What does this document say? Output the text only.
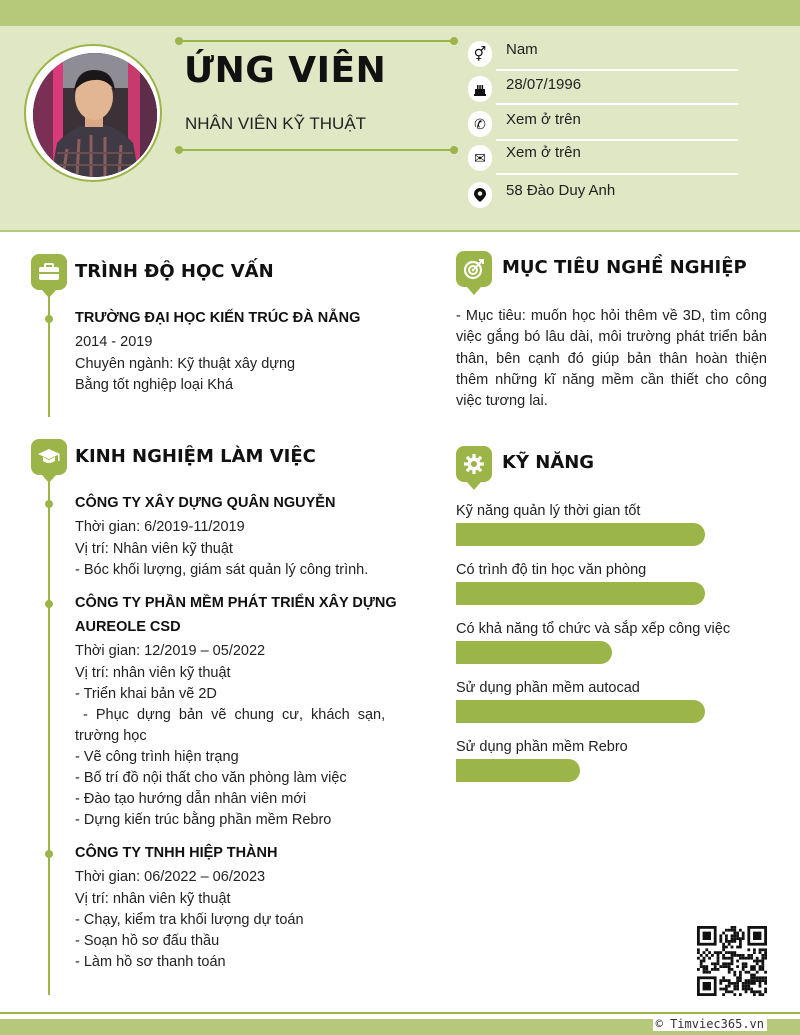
ỨNG VIÊN
NHÂN VIÊN KỸ THUẬT
⚥	Nam
28/07/1996
✆	Xem ở trên
✉	Xem ở trên
58 Đào Duy Anh
TRÌNH ĐỘ HỌC VẤN
TRƯỜNG ĐẠI HỌC KIẾN TRÚC ĐÀ NẴNG
2014 - 2019
Chuyên ngành: Kỹ thuật xây dựng
Bằng tốt nghiệp loại Khá
KINH NGHIỆM LÀM VIỆC
CÔNG TY XÂY DỰNG QUÂN NGUYỄN
Thời gian: 6/2019-11/2019
Vị trí: Nhân viên kỹ thuật
- Bóc khối lượng, giám sát quản lý công trình.
CÔNG TY PHẦN MỀM PHÁT TRIỂN XÂY DỰNG
AUREOLE CSD
Thời gian: 12/2019 – 05/2022
Vị trí: nhân viên kỹ thuật
- Triển khai bản vẽ 2D
- Phục dựng bản vẽ chung cư, khách sạn,
trường học
- Vẽ công trình hiện trạng
- Bố trí đồ nội thất cho văn phòng làm việc
- Đào tạo hướng dẫn nhân viên mới
- Dựng kiến trúc bằng phần mềm Rebro
CÔNG TY TNHH HIỆP THÀNH
Thời gian: 06/2022 – 06/2023
Vị trí: nhân viên kỹ thuật
- Chạy, kiểm tra khối lượng dự toán
- Soạn hồ sơ đấu thầu
- Làm hồ sơ thanh toán
MỤC TIÊU NGHỀ NGHIỆP
- Mục tiêu: muốn học hỏi thêm về 3D, tìm công việc gắng bó lâu dài, môi trường phát triển bản thân, bên cạnh đó giúp bản thân hoàn thiện thêm những kĩ năng mềm cần thiết cho công việc tương lai.
KỸ NĂNG
Kỹ năng quản lý thời gian tốt
Có trình độ tin học văn phòng
Có khả năng tổ chức và sắp xếp công việc
Sử dụng phần mềm autocad
Sử dụng phần mềm Rebro
© Timviec365.vn
